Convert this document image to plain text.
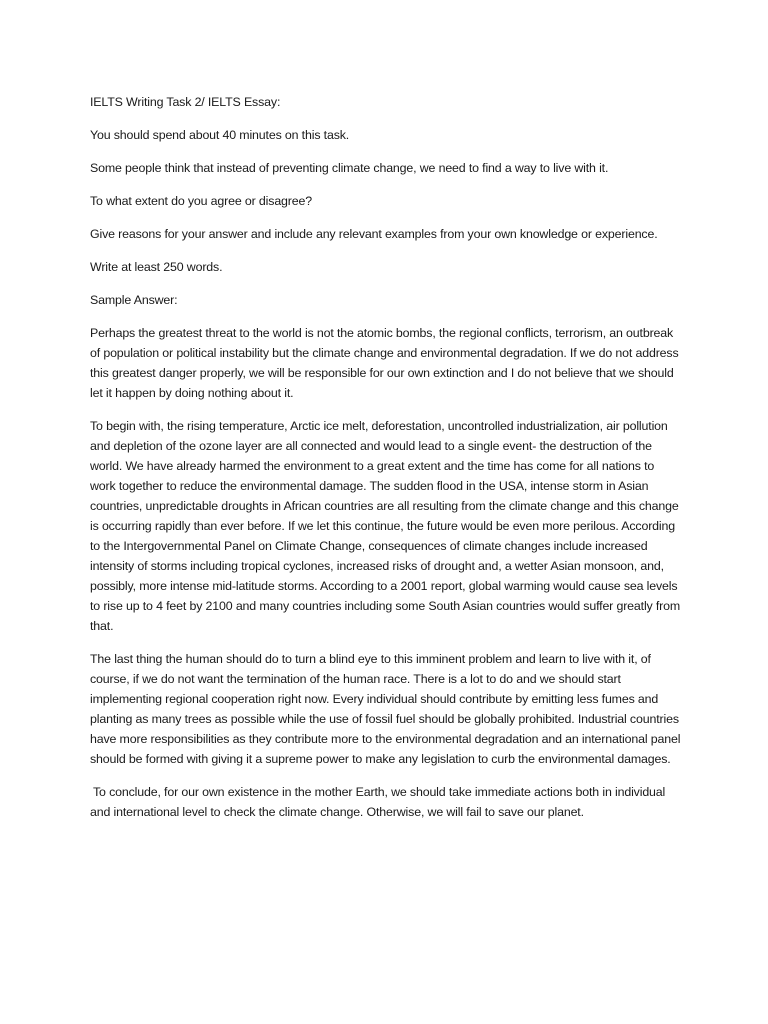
IELTS Writing Task 2/ IELTS Essay:

You should spend about 40 minutes on this task.

Some people think that instead of preventing climate change, we need to find a way to live with it.

To what extent do you agree or disagree?

Give reasons for your answer and include any relevant examples from your own knowledge or experience.

Write at least 250 words.

Sample Answer:

Perhaps the greatest threat to the world is not the atomic bombs, the regional conflicts, terrorism, an outbreak of population or political instability but the climate change and environmental degradation. If we do not address this greatest danger properly, we will be responsible for our own extinction and I do not believe that we should let it happen by doing nothing about it.

To begin with, the rising temperature, Arctic ice melt, deforestation, uncontrolled industrialization, air pollution and depletion of the ozone layer are all connected and would lead to a single event- the destruction of the world. We have already harmed the environment to a great extent and the time has come for all nations to work together to reduce the environmental damage. The sudden flood in the USA, intense storm in Asian countries, unpredictable droughts in African countries are all resulting from the climate change and this change is occurring rapidly than ever before. If we let this continue, the future would be even more perilous. According to the Intergovernmental Panel on Climate Change, consequences of climate changes include increased intensity of storms including tropical cyclones, increased risks of drought and, a wetter Asian monsoon, and, possibly, more intense mid-latitude storms. According to a 2001 report, global warming would cause sea levels to rise up to 4 feet by 2100 and many countries including some South Asian countries would suffer greatly from that.

The last thing the human should do to turn a blind eye to this imminent problem and learn to live with it, of course, if we do not want the termination of the human race. There is a lot to do and we should start implementing regional cooperation right now. Every individual should contribute by emitting less fumes and planting as many trees as possible while the use of fossil fuel should be globally prohibited. Industrial countries have more responsibilities as they contribute more to the environmental degradation and an international panel should be formed with giving it a supreme power to make any legislation to curb the environmental damages.

To conclude, for our own existence in the mother Earth, we should take immediate actions both in individual and international level to check the climate change. Otherwise, we will fail to save our planet.
